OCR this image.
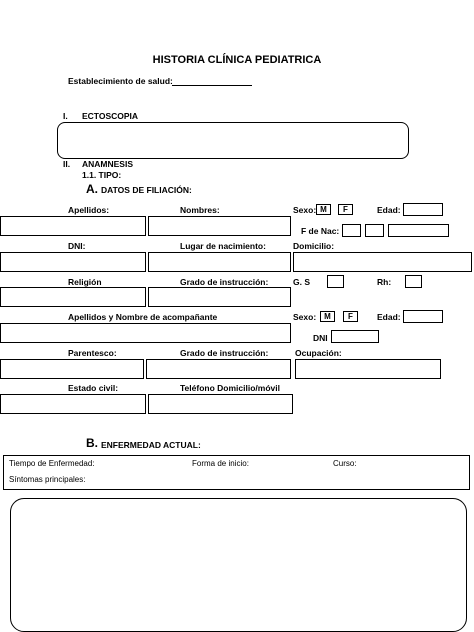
HISTORIA CLÍNICA PEDIATRICA
Establecimiento de salud:
I. ECTOSCOPIA
II. ANAMNESIS
1.1. TIPO:
A. DATOS DE FILIACIÓN:
Apellidos:	Nombres:	Sexo: M	F	Edad:
F de Nac:
DNI:	Lugar de nacimiento:	Domicilio:
Religión	Grado de instrucción:	G. S	Rh:
Apellidos y Nombre de acompañante	Sexo:	M	F	Edad:
DNI
Parentesco:	Grado de instrucción:	Ocupación:
Estado civil:	Teléfono Domicilio/móvil
B. ENFERMEDAD ACTUAL:
Tiempo de Enfermedad:	Forma de inicio:	Curso:
Síntomas principales:
